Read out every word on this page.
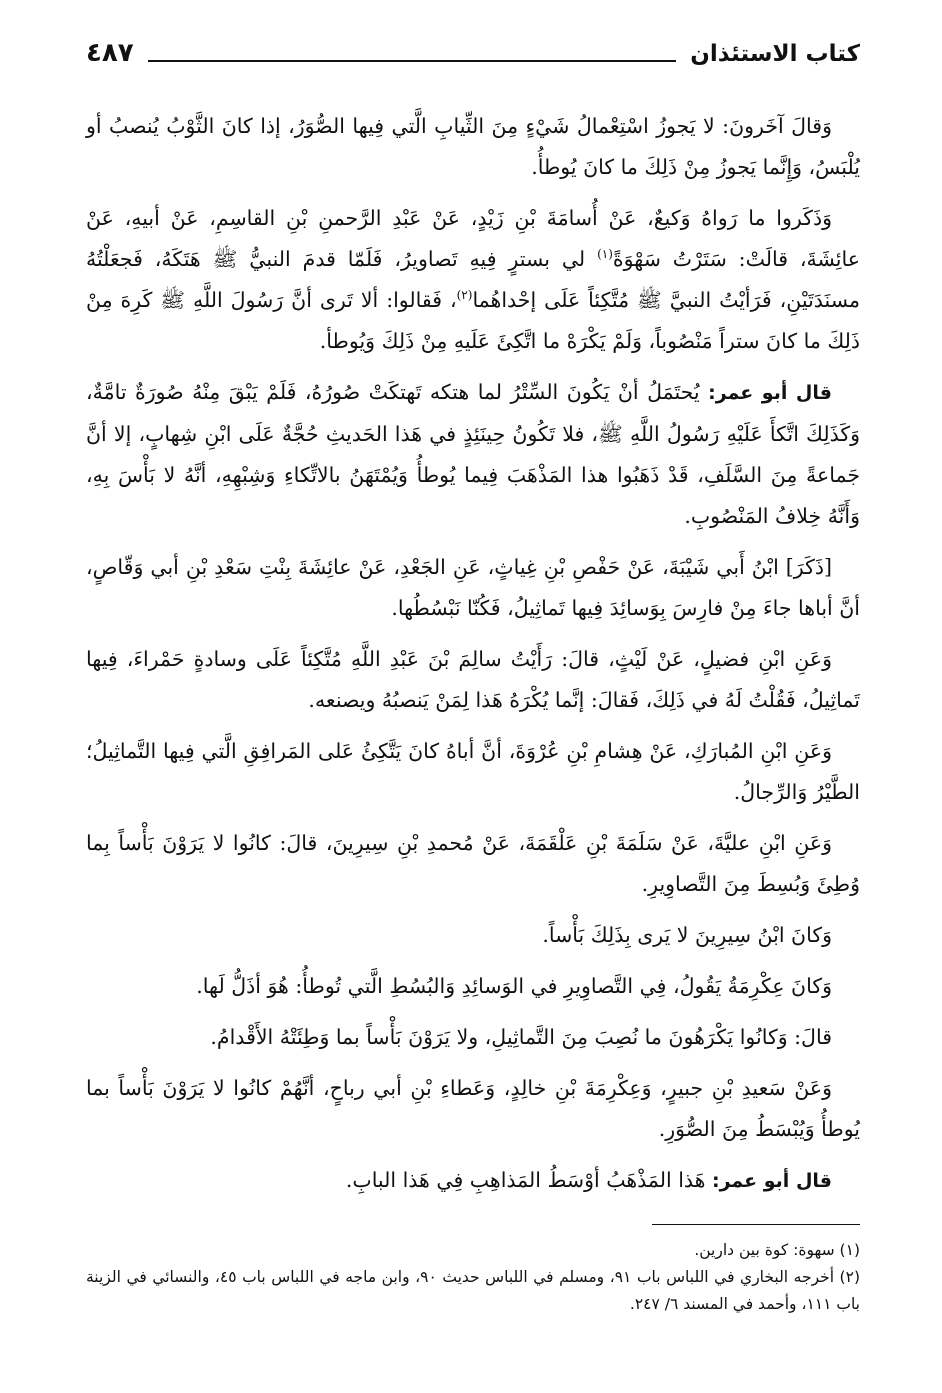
كتاب الاستئذان
٤٨٧

وَقالَ آخَرونَ: لا يَجوزُ اسْتِعْمالُ شَيْءٍ مِنَ الثِّيابِ الَّتي فِيها الصُّوَرُ، إذا كانَ الثَّوْبُ يُنصبُ أو يُلْبَسُ، وَإِنَّما يَجوزُ مِنْ ذَلِكَ ما كانَ يُوطأُ.

وَذَكَروا ما رَواهُ وَكيعٌ، عَنْ أُسامَةَ بْنِ زَيْدٍ، عَنْ عَبْدِ الرَّحمنِ بْنِ القاسِمِ، عَنْ أبيهِ، عَنْ عائِشَةَ، قالَتْ: سَتَرْتُ سَهْوَةً$^{(١)}$ لي بسترٍ فِيهِ تَصاويرُ، فَلَمّا قدمَ النبيُّ ﷺ هَتَكَهُ، فَجعَلْتُهُ مسنَدَتَيْنِ، فَرَأيْتُ النبيَّ ﷺ مُتَّكِئاً عَلَى إحْداهُما$^{(٢)}$، فَقالوا: ألا تَرى أنَّ رَسُولَ اللَّهِ ﷺ كَرِهَ مِنْ ذَلِكَ ما كانَ ستراً مَنْصُوباً، وَلَمْ يَكْرَهْ ما اتَّكِئَ عَلَيهِ مِنْ ذَلِكَ وَيُوطأ.

قال أبو عمر: يُحتَمَلُ أنْ يَكُونَ السِّتْرُ لما هتكه تَهتكَتْ صُورُهُ، فَلَمْ يَبْقَ مِنْهُ صُورَةٌ تامَّةٌ، وَكَذَلِكَ اتَّكأَ عَلَيْهِ رَسُولُ اللَّهِ ﷺ، فلا تَكُونُ حِينَئِذٍ في هَذا الحَديثِ حُجَّةٌ عَلَى ابْنِ شِهابٍ، إلا أنَّ جَماعةً مِنَ السَّلَفِ، قَدْ ذَهَبُوا هذا المَذْهَبَ فِيما يُوطأُ وَيُمْتَهَنُ بالاتِّكاءِ وَشِبْهِهِ، أنَّهُ لا بَأْسَ بِهِ، وَأَنَّهُ خِلافُ المَنْصُوبِ.

[ذَكَرَ] ابْنُ أَبي شَيْبَةَ، عَنْ حَفْصِ بْنِ غِياثٍ، عَنِ الجَعْدِ، عَنْ عائِشَةَ بِنْتِ سَعْدِ بْنِ أبي وَقّاصٍ، أنَّ أباها جاءَ مِنْ فارِسَ بِوَسائِدَ فِيها تَماثِيلُ، فَكُنّا نَبْسُطُها.

وَعَنِ ابْنِ فضيلٍ، عَنْ لَيْثٍ، قالَ: رَأَيْتُ سالِمَ بْنَ عَبْدِ اللَّهِ مُتَّكِئاً عَلَى وسادةٍ حَمْراءَ، فِيها تَماثِيلُ، فَقُلْتُ لَهُ في ذَلِكَ، فَقالَ: إنَّما يُكْرَهُ هَذا لِمَنْ يَنصبُهُ ويصنعه.

وَعَنِ ابْنِ المُبارَكِ، عَنْ هِشامِ بْنِ عُرْوَةَ، أنَّ أباهُ كانَ يَتَّكِئُ عَلى المَرافِقِ الَّتي فِيها التَّماثِيلُ؛ الطَّيْرُ وَالرِّجالُ.

وَعَنِ ابْنِ عليَّةَ، عَنْ سَلَمَةَ بْنِ عَلْقَمَةَ، عَنْ مُحمدِ بْنِ سِيرِينَ، قالَ: كانُوا لا يَرَوْنَ بَأْساً بِما وُطِئَ وَبُسِطَ مِنَ التَّصاوِيرِ.

وَكانَ ابْنُ سِيرِينَ لا يَرى بِذَلِكَ بَأْساً.

وَكانَ عِكْرِمَةُ يَقُولُ، فِي التَّصاوِيرِ في الوَسائِدِ وَالبُسُطِ الَّتي تُوطأُ: هُوَ أذَلُّ لَها.

قالَ: وَكانُوا يَكْرَهُونَ ما نُصِبَ مِنَ التَّماثِيلِ، ولا يَرَوْنَ بَأْساً بما وَطِئَتْهُ الأَقْدامُ.

وَعَنْ سَعيدِ بْنِ جبيرٍ، وَعِكْرِمَةَ بْنِ خالِدٍ، وَعَطاءِ بْنِ أبي رباحٍ، أنَّهُمْ كانُوا لا يَرَوْنَ بَأْساً بما يُوطأُ وَيُبْسَطُ مِنَ الصُّوَرِ.

قال أبو عمر: هَذا المَذْهَبُ أوْسَطُ المَذاهِبِ فِي هَذا البابِ.

(١) سهوة: كوة بين دارين.

(٢) أخرجه البخاري في اللباس باب ٩١، ومسلم في اللباس حديث ٩٠، وابن ماجه في اللباس باب ٤٥، والنسائي في الزينة باب ١١١، وأحمد في المسند ٦/ ٢٤٧.
